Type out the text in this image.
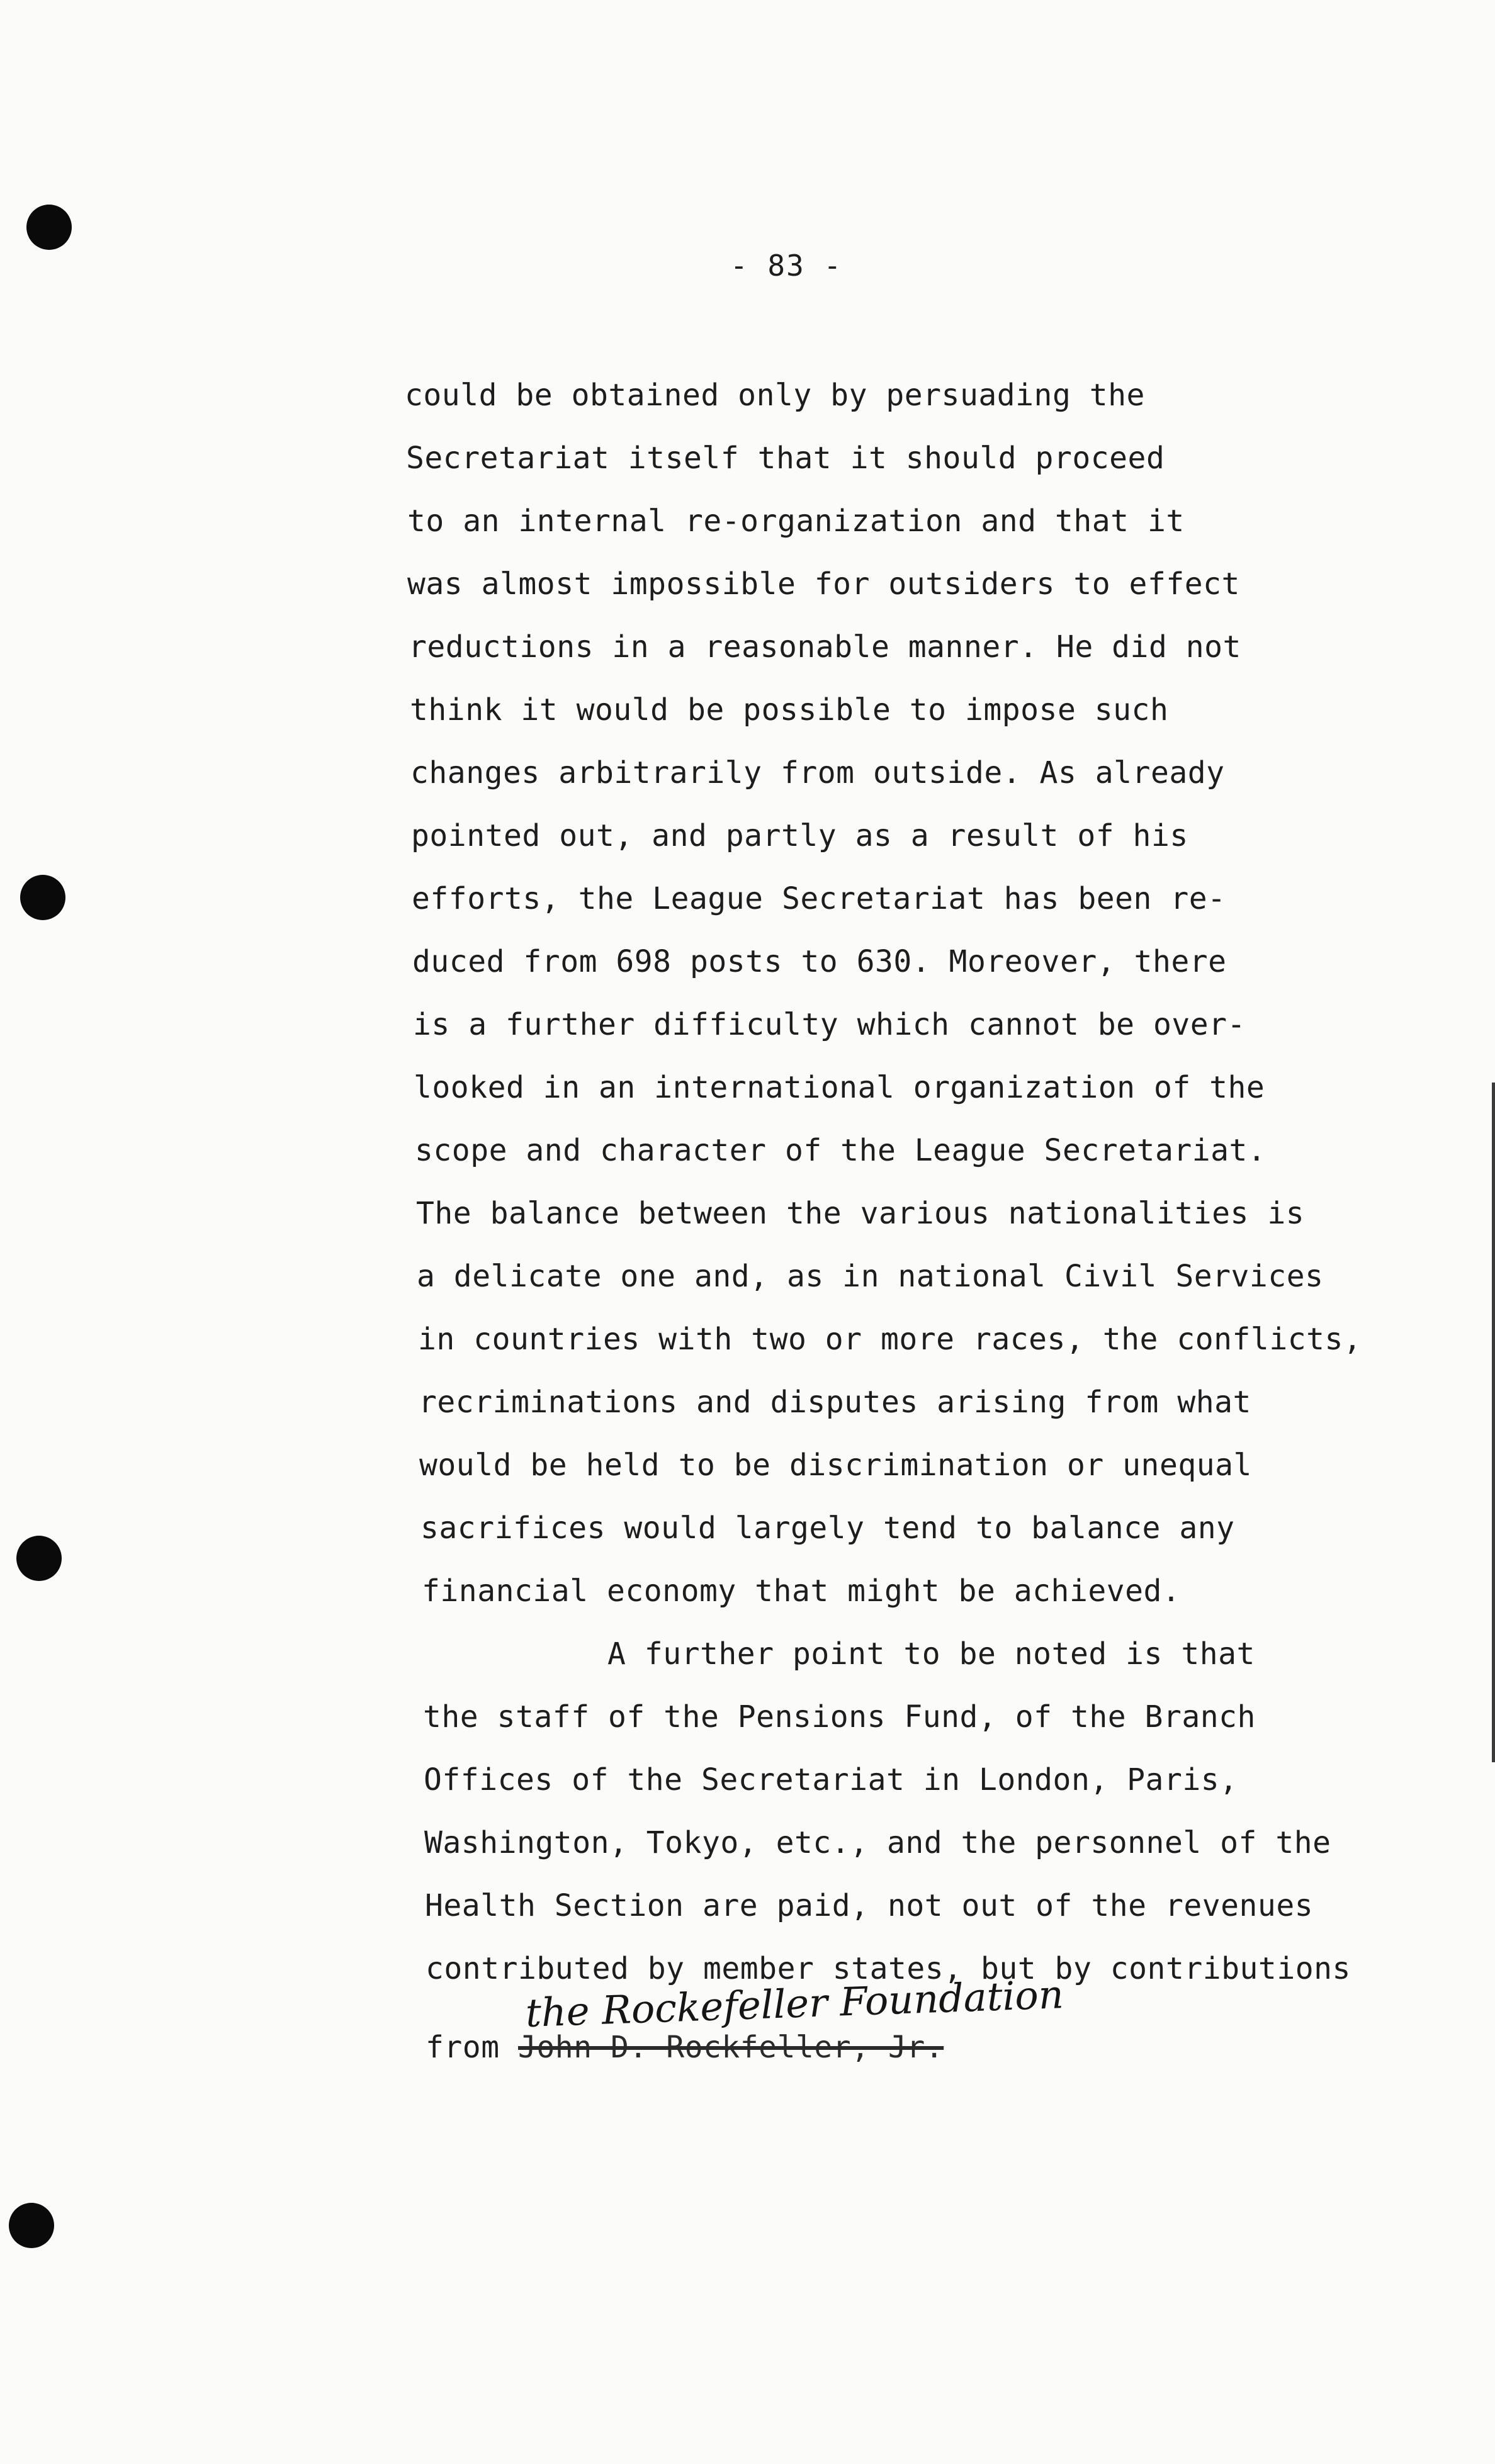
- 83 -
could be obtained only by persuading the
Secretariat itself that it should proceed
to an internal re-organization and that it
was almost impossible for outsiders to effect
reductions in a reasonable manner. He did not
think it would be possible to impose such
changes arbitrarily from outside. As already
pointed out, and partly as a result of his
efforts, the League Secretariat has been re-
duced from 698 posts to 630. Moreover, there
is a further difficulty which cannot be over-
looked in an international organization of the
scope and character of the League Secretariat.
The balance between the various nationalities is
a delicate one and, as in national Civil Services
in countries with two or more races, the conflicts,
recriminations and disputes arising from what
would be held to be discrimination or unequal
sacrifices would largely tend to balance any
financial economy that might be achieved.
A further point to be noted is that
the staff of the Pensions Fund, of the Branch
Offices of the Secretariat in London, Paris,
Washington, Tokyo, etc., and the personnel of the
Health Section are paid, not out of the revenues
contributed by member states, but by contributions
from John D. Rockfeller, Jr.
the Rockefeller Foundation
